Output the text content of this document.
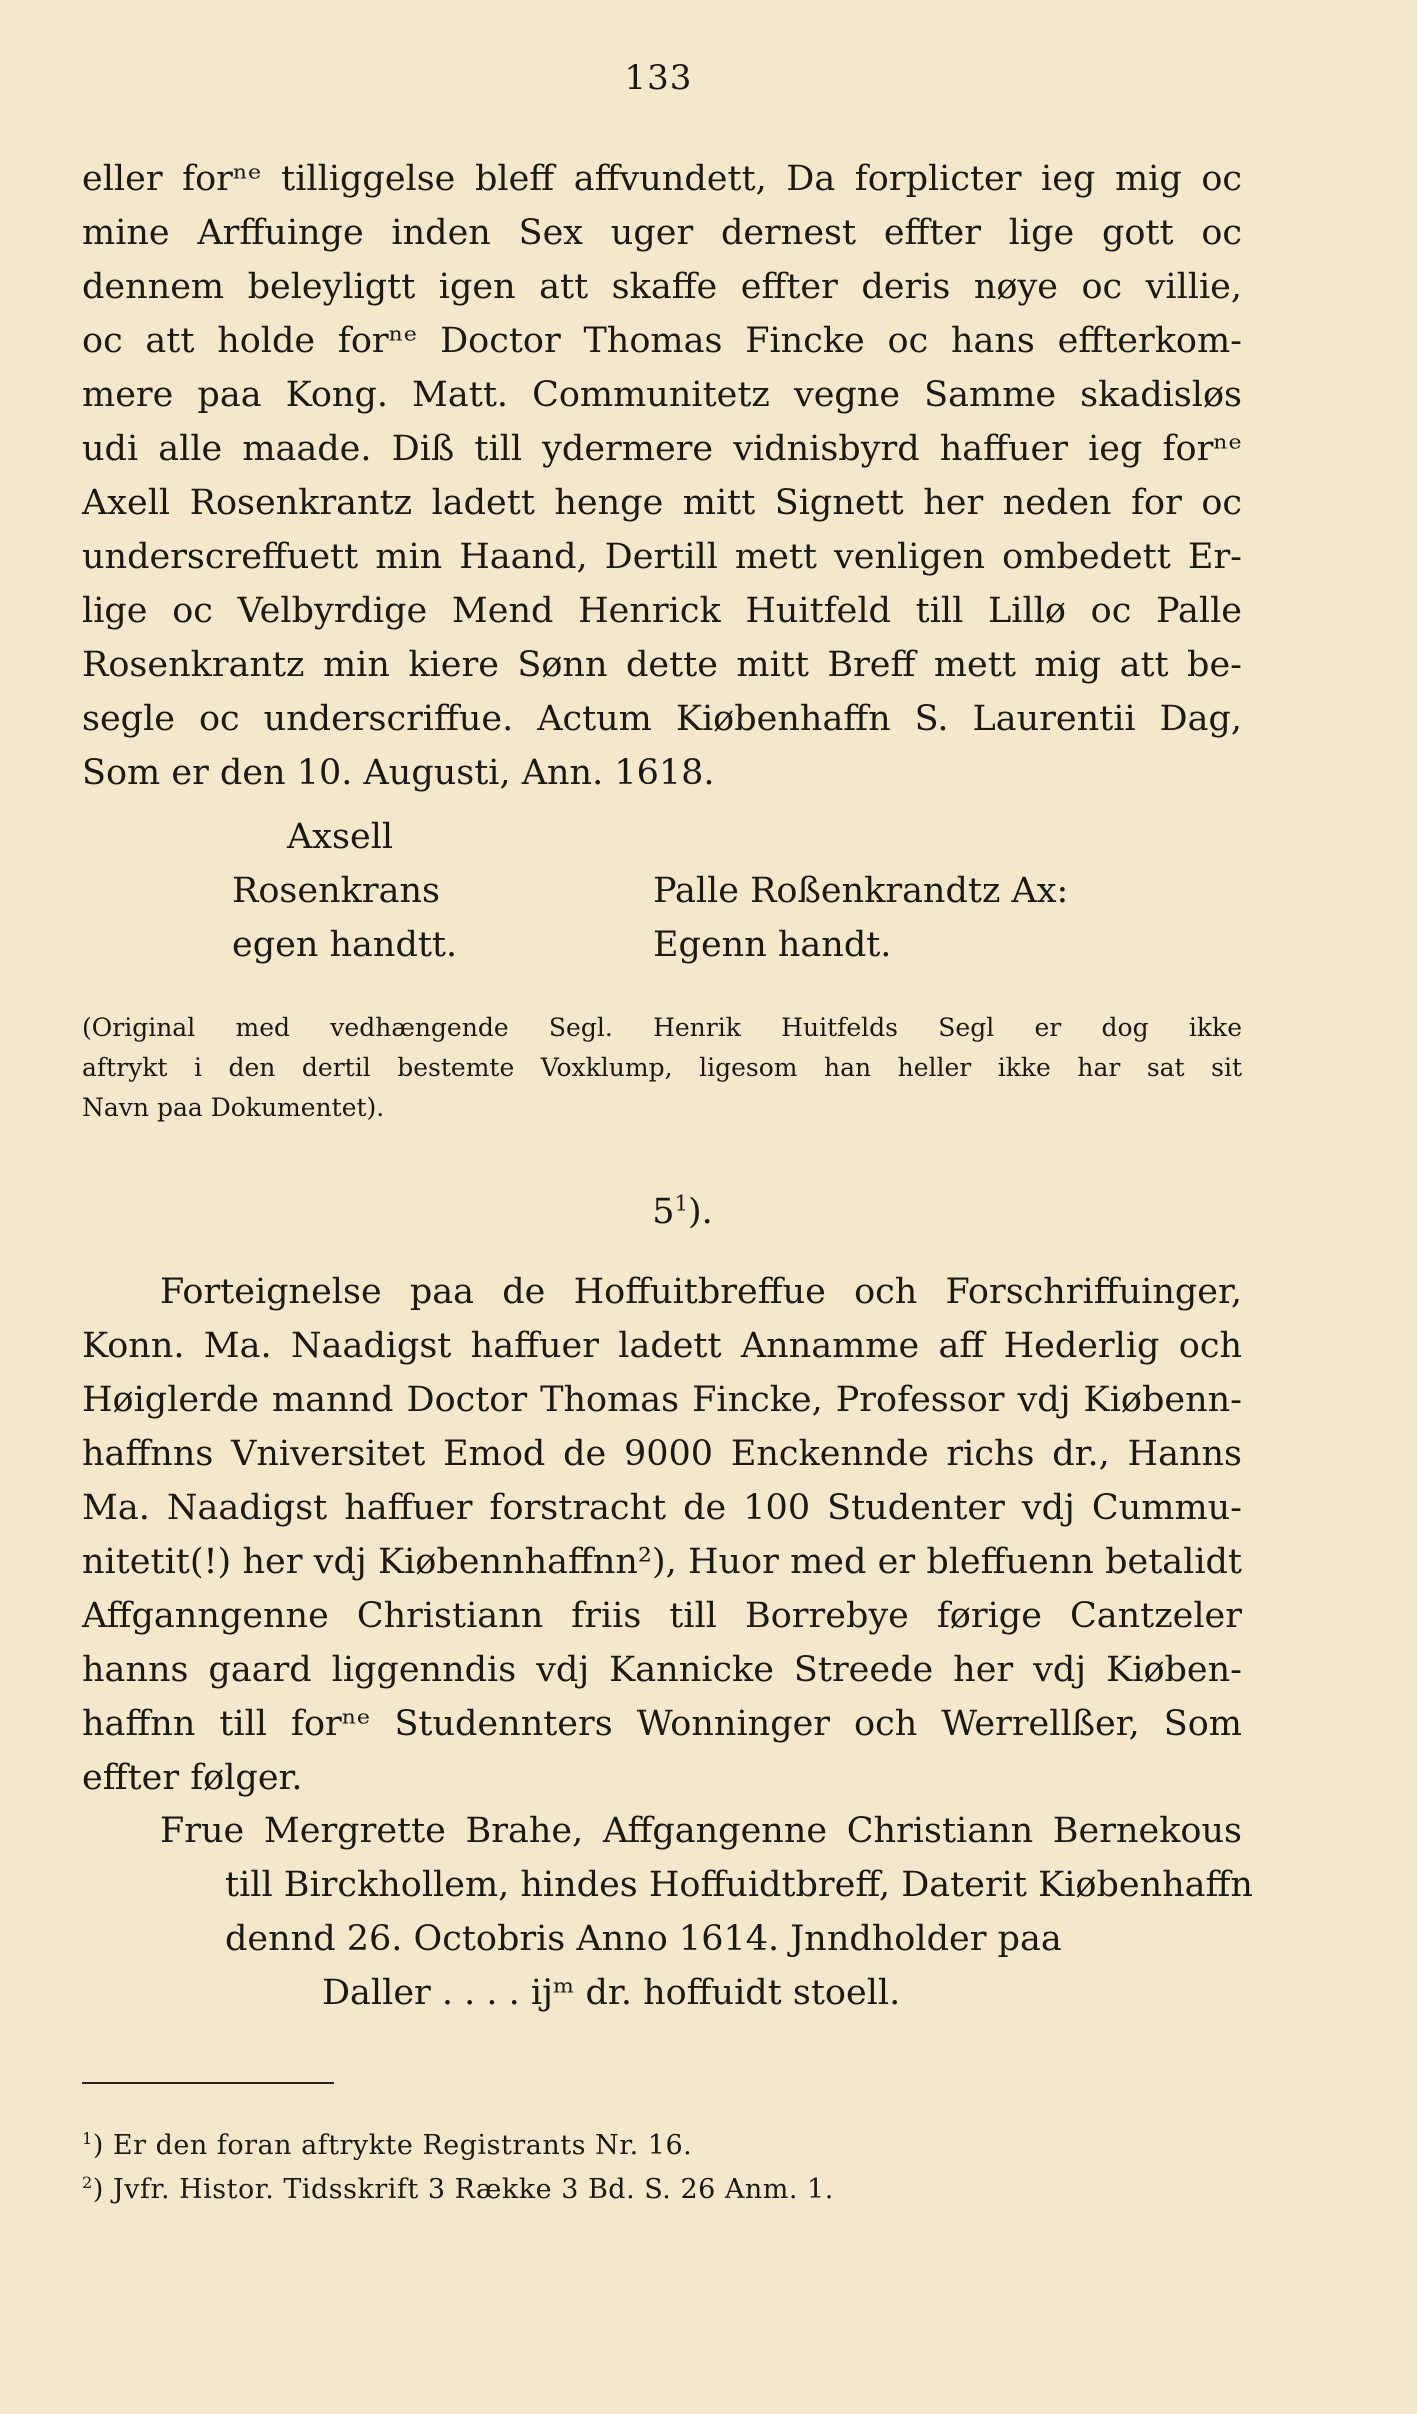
133
eller forⁿᵉ tilliggelse bleff affvundett, Da forplicter ieg mig oc
mine Arffuinge inden Sex uger dernest effter lige gott oc
dennem beleyligtt igen att skaffe effter deris nøye oc villie,
oc att holde forⁿᵉ Doctor Thomas Fincke oc hans effterkom-
mere paa Kong. Matt. Communitetz vegne Samme skadisløs
udi alle maade. Diß till ydermere vidnisbyrd haffuer ieg forⁿᵉ
Axell Rosenkrantz ladett henge mitt Signett her neden for oc
underscreffuett min Haand, Dertill mett venligen ombedett Er-
lige oc Velbyrdige Mend Henrick Huitfeld till Lillø oc Palle
Rosenkrantz min kiere Sønn dette mitt Breff mett mig att be-
segle oc underscriffue. Actum Kiøbenhaffn S. Laurentii Dag,
Som er den 10. Augusti, Ann. 1618.
Axsell
Rosenkrans	Palle Roßenkrandtz Ax:
egen handtt.	Egenn handt.
(Original med vedhængende Segl. Henrik Huitfelds Segl er dog ikke
aftrykt i den dertil bestemte Voxklump, ligesom han heller ikke har sat sit
Navn paa Dokumentet).
$5^1$).
Forteignelse paa de Hoffuitbreffue och Forschriffuinger,
Konn. Ma. Naadigst haffuer ladett Annamme aff Hederlig och
Høiglerde mannd Doctor Thomas Fincke, Professor vdj Kiøbenn-
haffnns Vniversitet Emod de 9000 Enckennde richs dr., Hanns
Ma. Naadigst haffuer forstracht de 100 Studenter vdj Cummu-
nitetit(!) her vdj Kiøbennhaffnn²), Huor med er bleffuenn betalidt
Affganngenne Christiann friis till Borrebye førige Cantzeler
hanns gaard liggenndis vdj Kannicke Streede her vdj Kiøben-
haffnn till forⁿᵉ Studennters Wonninger och Werrellßer, Som
effter følger.
Frue Mergrette Brahe, Affgangenne Christiann Bernekous
till Birckhollem, hindes Hoffuidtbreff, Daterit Kiøbenhaffn
dennd 26. Octobris Anno 1614. Jnndholder paa
Daller . . . . ijᵐ dr. hoffuidt stoell.
$^1$) Er den foran aftrykte Registrants Nr. 16.
$^2$) Jvfr. Histor. Tidsskrift 3 Række 3 Bd. S. 26 Anm. 1.
